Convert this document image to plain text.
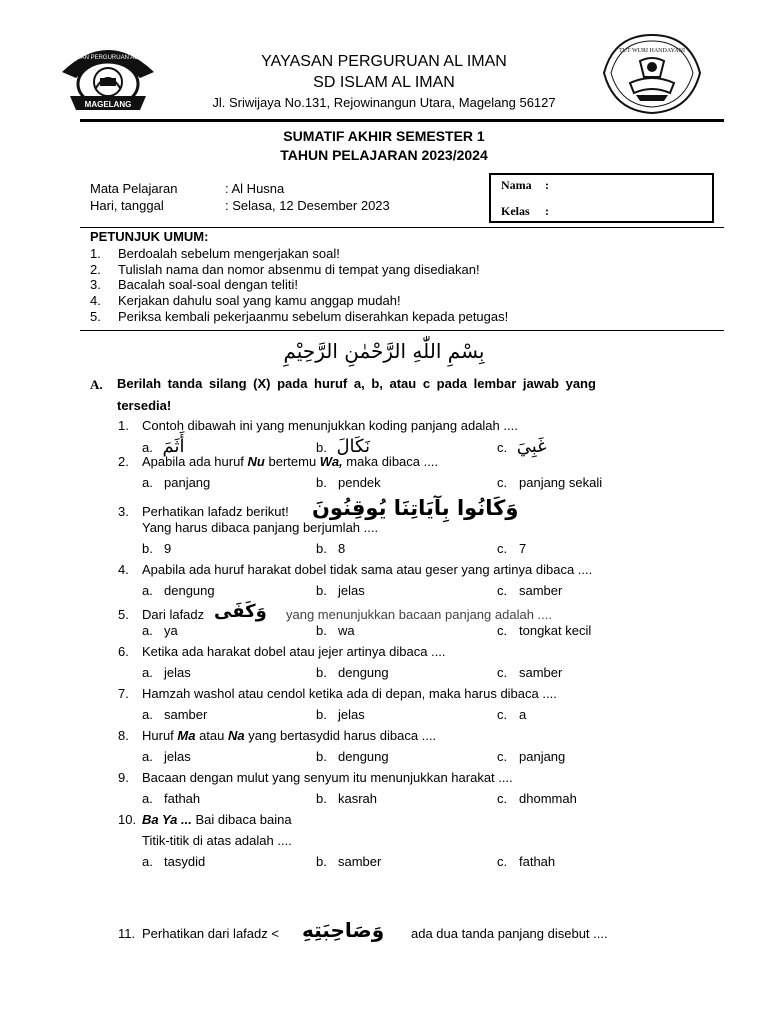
MAGELANG
YAYASAN PERGURUAN AL IMAN	YAYASAN PERGURUAN AL IMAN
SD ISLAM AL IMAN
Jl. Sriwijaya No.131, Rejowinangun Utara, Magelang 56127
TUT WURI HANDAYANI
SUMATIF AKHIR SEMESTER 1
TAHUN PELAJARAN 2023/2024
Mata Pelajaran	: Al Husna
Hari, tanggal	: Selasa, 12 Desember 2023
Nama :
Kelas :
PETUNJUK UMUM:
1. Berdoalah sebelum mengerjakan soal!
2. Tulislah nama dan nomor absenmu di tempat yang disediakan!
3. Bacalah soal-soal dengan teliti!
4. Kerjakan dahulu soal yang kamu anggap mudah!
5. Periksa kembali pekerjaanmu sebelum diserahkan kepada petugas!
بِسْمِ اللّٰهِ الرَّحْمٰنِ الرَّحِيْمِ
A. Berilah tanda silang (X) pada huruf a, b, atau c pada lembar jawab yang
tersedia!
1. Contoh dibawah ini yang menunjukkan koding panjang adalah ....
a. أَثَمَ	b. نَكَالَ	c. غَبِيَ
2. Apabila ada huruf Nu bertemu Wa, maka dibaca ....
a. panjang	b. pendek	c. panjang sekali
3. Perhatikan lafadz berikut! وَكَانُوا بِآيَاتِنَا يُوقِنُونَ
Yang harus dibaca panjang berjumlah ....
b. 9	b. 8	c. 7
4. Apabila ada huruf harakat dobel tidak sama atau geser yang artinya dibaca ....
a. dengung	b. jelas	c. samber
5. Dari lafadz وَكَفَى yang menunjukkan bacaan panjang adalah ....
a. ya	b. wa	c. tongkat kecil
6. Ketika ada harakat dobel atau jejer artinya dibaca ....
a. jelas	b. dengung	c. samber
7. Hamzah washol atau cendol ketika ada di depan, maka harus dibaca ....
a. samber	b. jelas	c. a
8. Huruf Ma atau Na yang bertasydid harus dibaca ....
a. jelas	b. dengung	c. panjang
9. Bacaan dengan mulut yang senyum itu menunjukkan harakat ....
a. fathah	b. kasrah	c. dhommah
10. Ba Ya ... Bai dibaca baina
Titik-titik di atas adalah ....
a. tasydid	b. samber	c. fathah
11. Perhatikan dari lafadz < وَصَاحِبَتِهِ ada dua tanda panjang disebut ....
